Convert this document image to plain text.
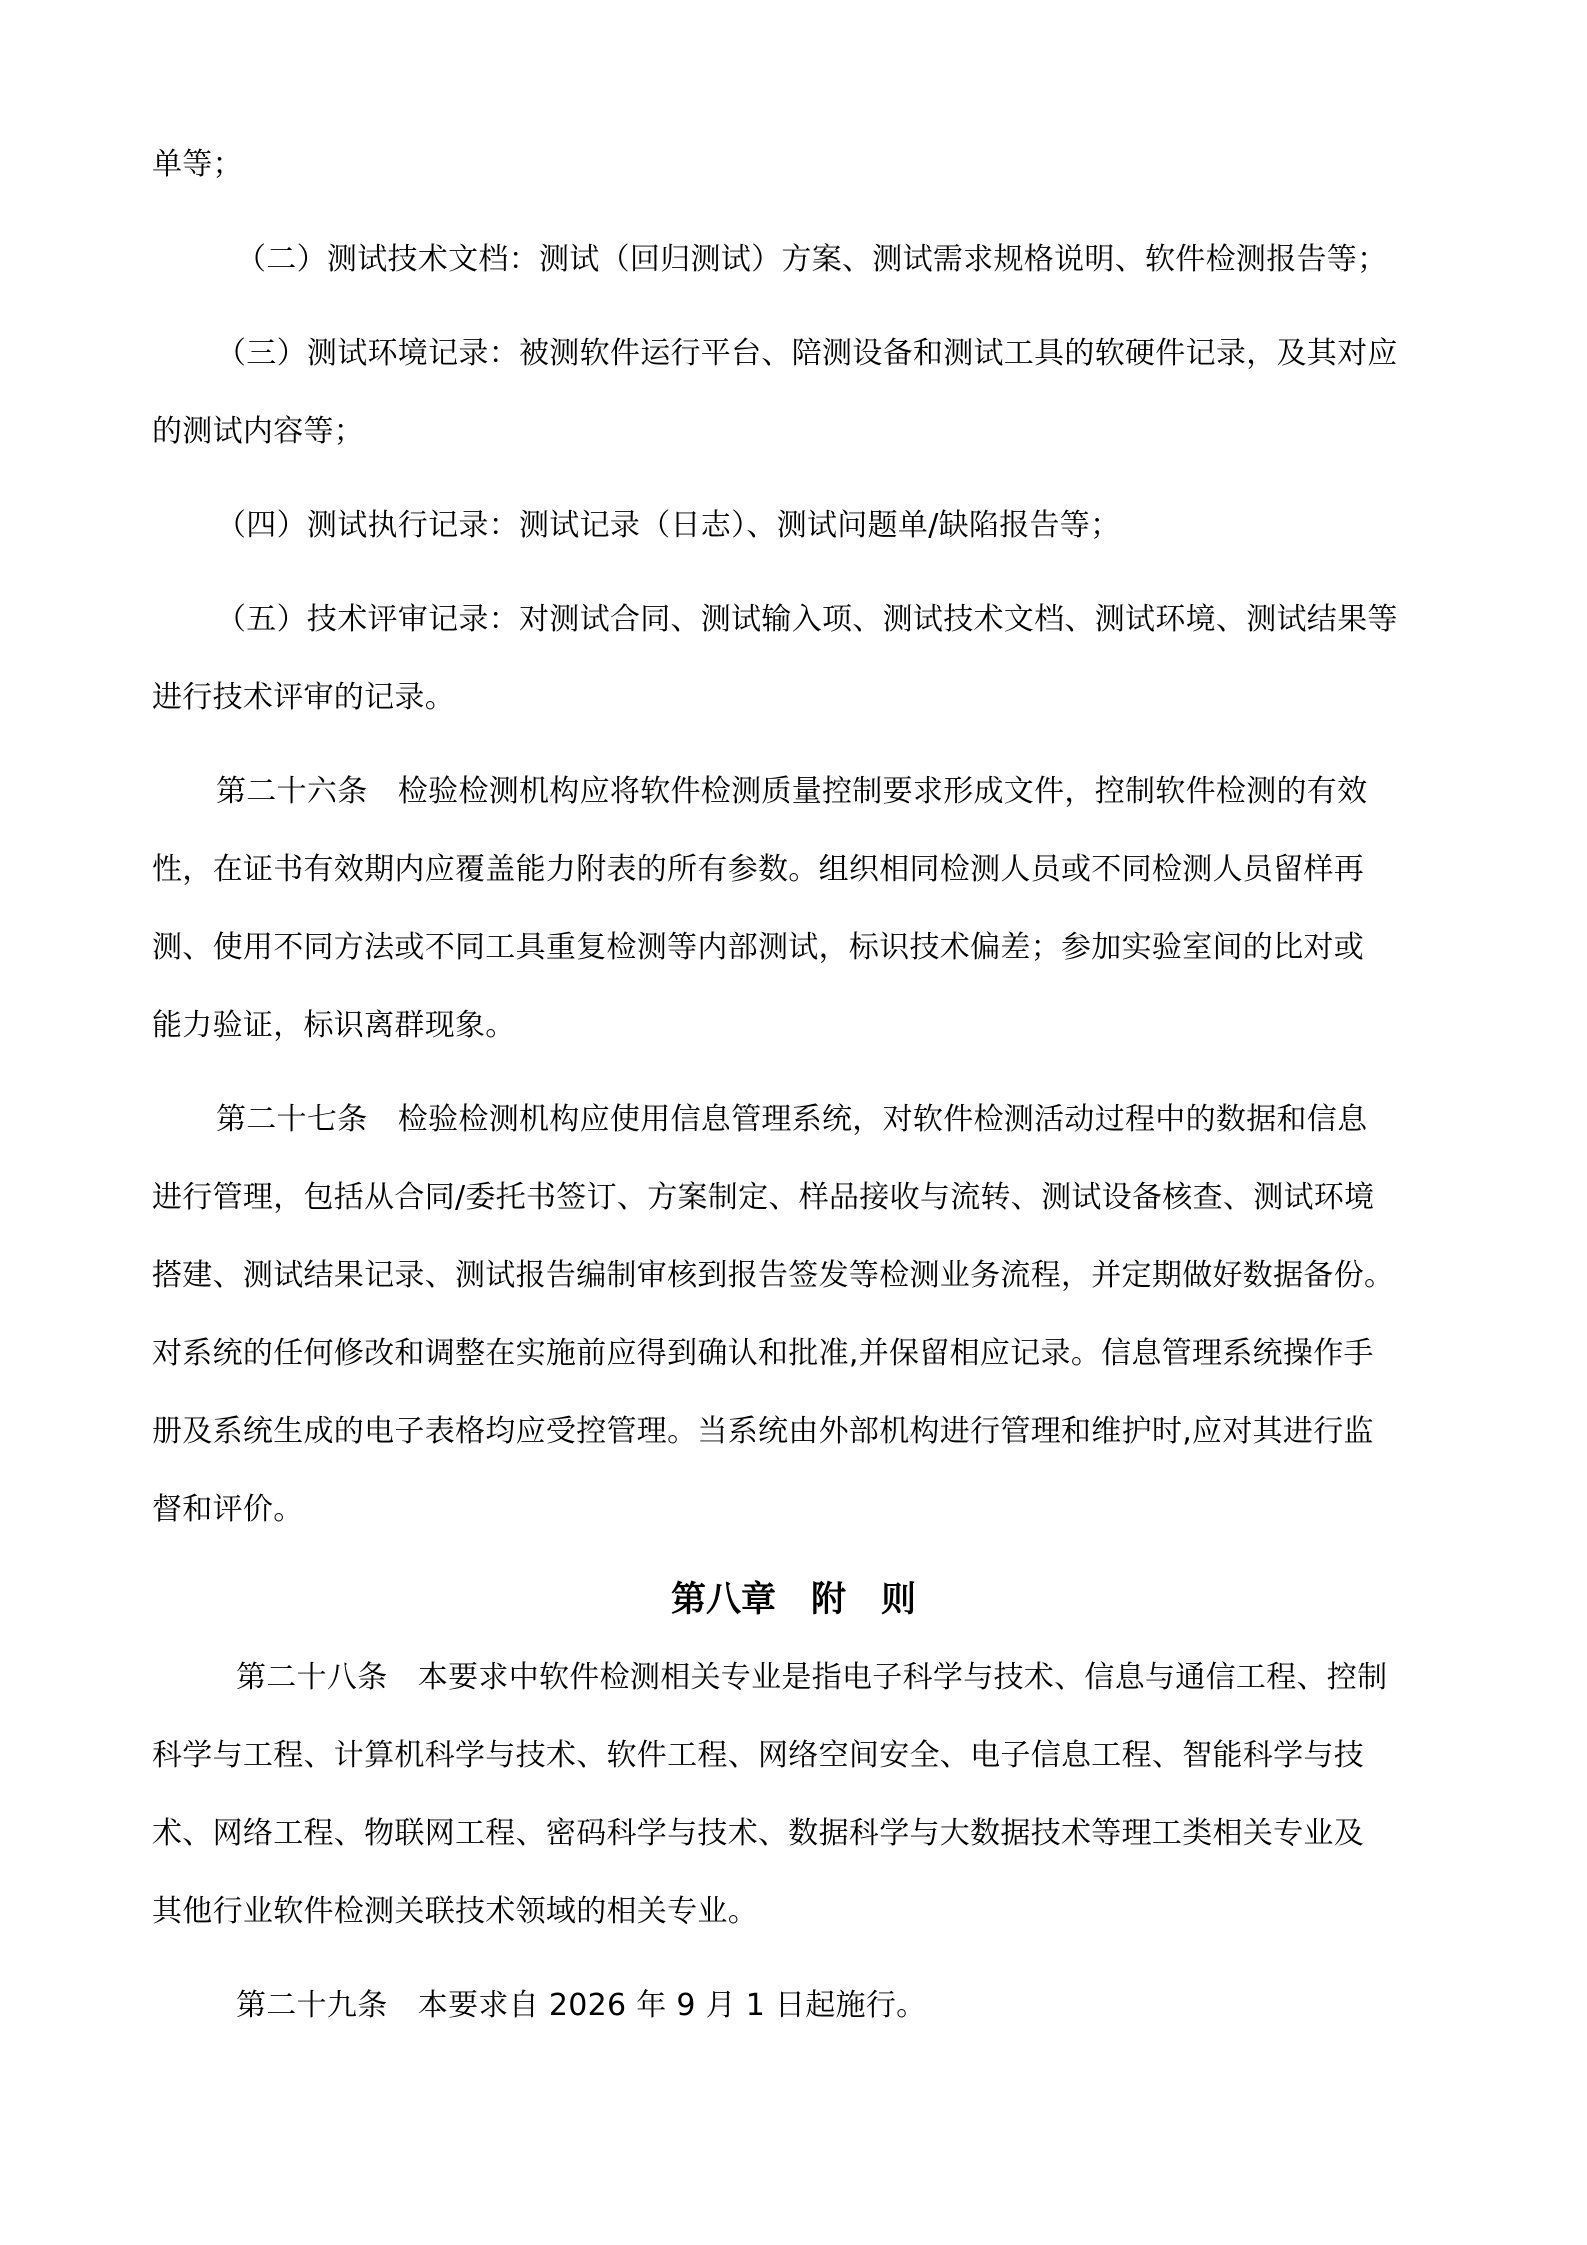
单等；
（二）测试技术文档：测试（回归测试）方案、测试需求规格说明、软件检测报告等；
（三）测试环境记录：被测软件运行平台、陪测设备和测试工具的软硬件记录，及其对应
的测试内容等；
（四）测试执行记录：测试记录（日志）、测试问题单/缺陷报告等；
（五）技术评审记录：对测试合同、测试输入项、测试技术文档、测试环境、测试结果等
进行技术评审的记录。
第二十六条　检验检测机构应将软件检测质量控制要求形成文件，控制软件检测的有效
性，在证书有效期内应覆盖能力附表的所有参数。组织相同检测人员或不同检测人员留样再
测、使用不同方法或不同工具重复检测等内部测试，标识技术偏差；参加实验室间的比对或
能力验证，标识离群现象。
第二十七条　检验检测机构应使用信息管理系统，对软件检测活动过程中的数据和信息
进行管理，包括从合同/委托书签订、方案制定、样品接收与流转、测试设备核查、测试环境
搭建、测试结果记录、测试报告编制审核到报告签发等检测业务流程，并定期做好数据备份。
对系统的任何修改和调整在实施前应得到确认和批准,并保留相应记录。信息管理系统操作手
册及系统生成的电子表格均应受控管理。当系统由外部机构进行管理和维护时,应对其进行监
督和评价。
第八章　附　则
第二十八条　本要求中软件检测相关专业是指电子科学与技术、信息与通信工程、控制
科学与工程、计算机科学与技术、软件工程、网络空间安全、电子信息工程、智能科学与技
术、网络工程、物联网工程、密码科学与技术、数据科学与大数据技术等理工类相关专业及
其他行业软件检测关联技术领域的相关专业。
第二十九条　本要求自 2026 年 9 月 1 日起施行。
